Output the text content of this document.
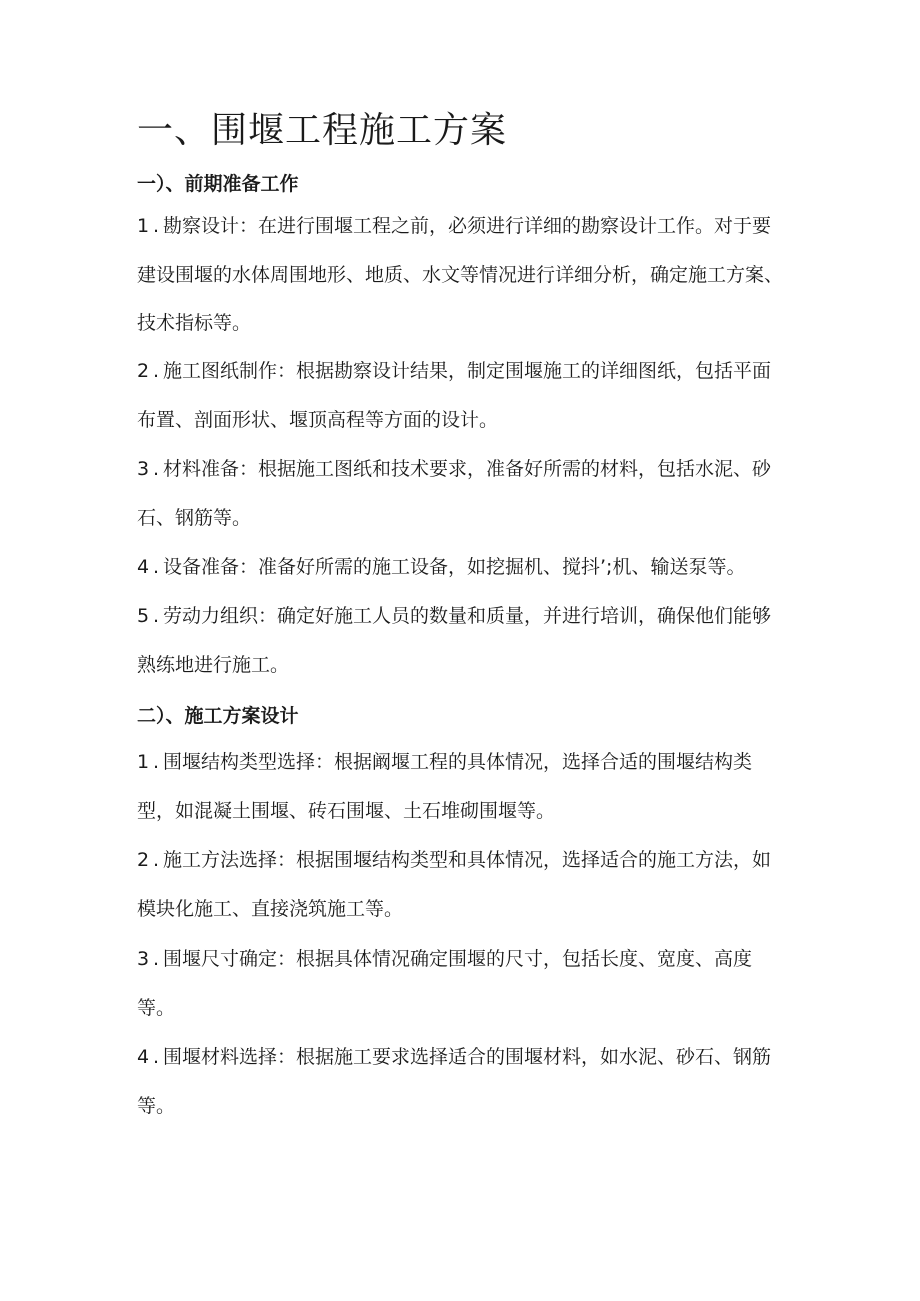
一、围堰工程施工方案
一）、前期准备工作

1 . 勘察设计：在进行围堰工程之前，必须进行详细的勘察设计工作。对于要建设围堰的水体周围地形、地质、水文等情况进行详细分析，确定施工方案、技术指标等。

2 . 施工图纸制作：根据勘察设计结果，制定围堰施工的详细图纸，包括平面布置、剖面形状、堰顶高程等方面的设计。

3 . 材料准备：根据施工图纸和技术要求，准备好所需的材料，包括水泥、砂石、钢筋等。

4 . 设备准备：准备好所需的施工设备，如挖掘机、搅抖’;机、输送泵等。

5 . 劳动力组织：确定好施工人员的数量和质量，并进行培训，确保他们能够熟练地进行施工。

二）、施工方案设计

1 . 围堰结构类型选择：根据阚堰工程的具体情况，选择合适的围堰结构类型，如混凝土围堰、砖石围堰、土石堆砌围堰等。

2 . 施工方法选择：根据围堰结构类型和具体情况，选择适合的施工方法，如模块化施工、直接浇筑施工等。

3 . 围堰尺寸确定：根据具体情况确定围堰的尺寸，包括长度、宽度、高度等。

4 . 围堰材料选择：根据施工要求选择适合的围堰材料，如水泥、砂石、钢筋等。
